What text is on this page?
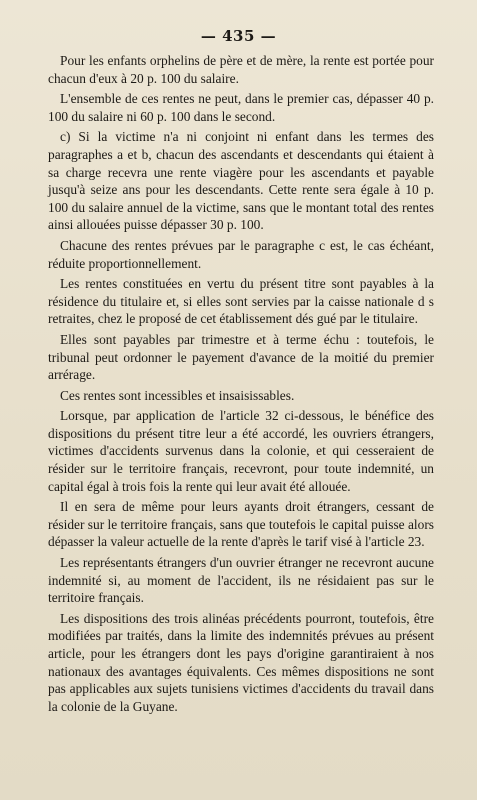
— 435 —

Pour les enfants orphelins de père et de mère, la rente est portée pour chacun d'eux à 20 p. 100 du salaire.

L'ensemble de ces rentes ne peut, dans le premier cas, dépasser 40 p. 100 du salaire ni 60 p. 100 dans le second.

c) Si la victime n'a ni conjoint ni enfant dans les termes des paragraphes a et b, chacun des ascendants et descendants qui étaient à sa charge recevra une rente viagère pour les ascendants et payable jusqu'à seize ans pour les descendants. Cette rente sera égale à 10 p. 100 du salaire annuel de la victime, sans que le montant total des rentes ainsi allouées puisse dépasser 30 p. 100.

Chacune des rentes prévues par le paragraphe c est, le cas échéant, réduite proportionnellement.

Les rentes constituées en vertu du présent titre sont payables à la résidence du titulaire et, si elles sont servies par la caisse nationale d s retraites, chez le proposé de cet établissement dés gué par le titulaire.

Elles sont payables par trimestre et à terme échu : toutefois, le tribunal peut ordonner le payement d'avance de la moitié du premier arrérage.

Ces rentes sont incessibles et insaisissables.

Lorsque, par application de l'article 32 ci-dessous, le bénéfice des dispositions du présent titre leur a été accordé, les ouvriers étrangers, victimes d'accidents survenus dans la colonie, et qui cesseraient de résider sur le territoire français, recevront, pour toute indemnité, un capital égal à trois fois la rente qui leur avait été allouée.

Il en sera de même pour leurs ayants droit étrangers, cessant de résider sur le territoire français, sans que toutefois le capital puisse alors dépasser la valeur actuelle de la rente d'après le tarif visé à l'article 23.

Les représentants étrangers d'un ouvrier étranger ne recevront aucune indemnité si, au moment de l'accident, ils ne résidaient pas sur le territoire français.

Les dispositions des trois alinéas précédents pourront, toutefois, être modifiées par traités, dans la limite des indemnités prévues au présent article, pour les étrangers dont les pays d'origine garantiraient à nos nationaux des avantages équivalents. Ces mêmes dispositions ne sont pas applicables aux sujets tunisiens victimes d'accidents du travail dans la colonie de la Guyane.
